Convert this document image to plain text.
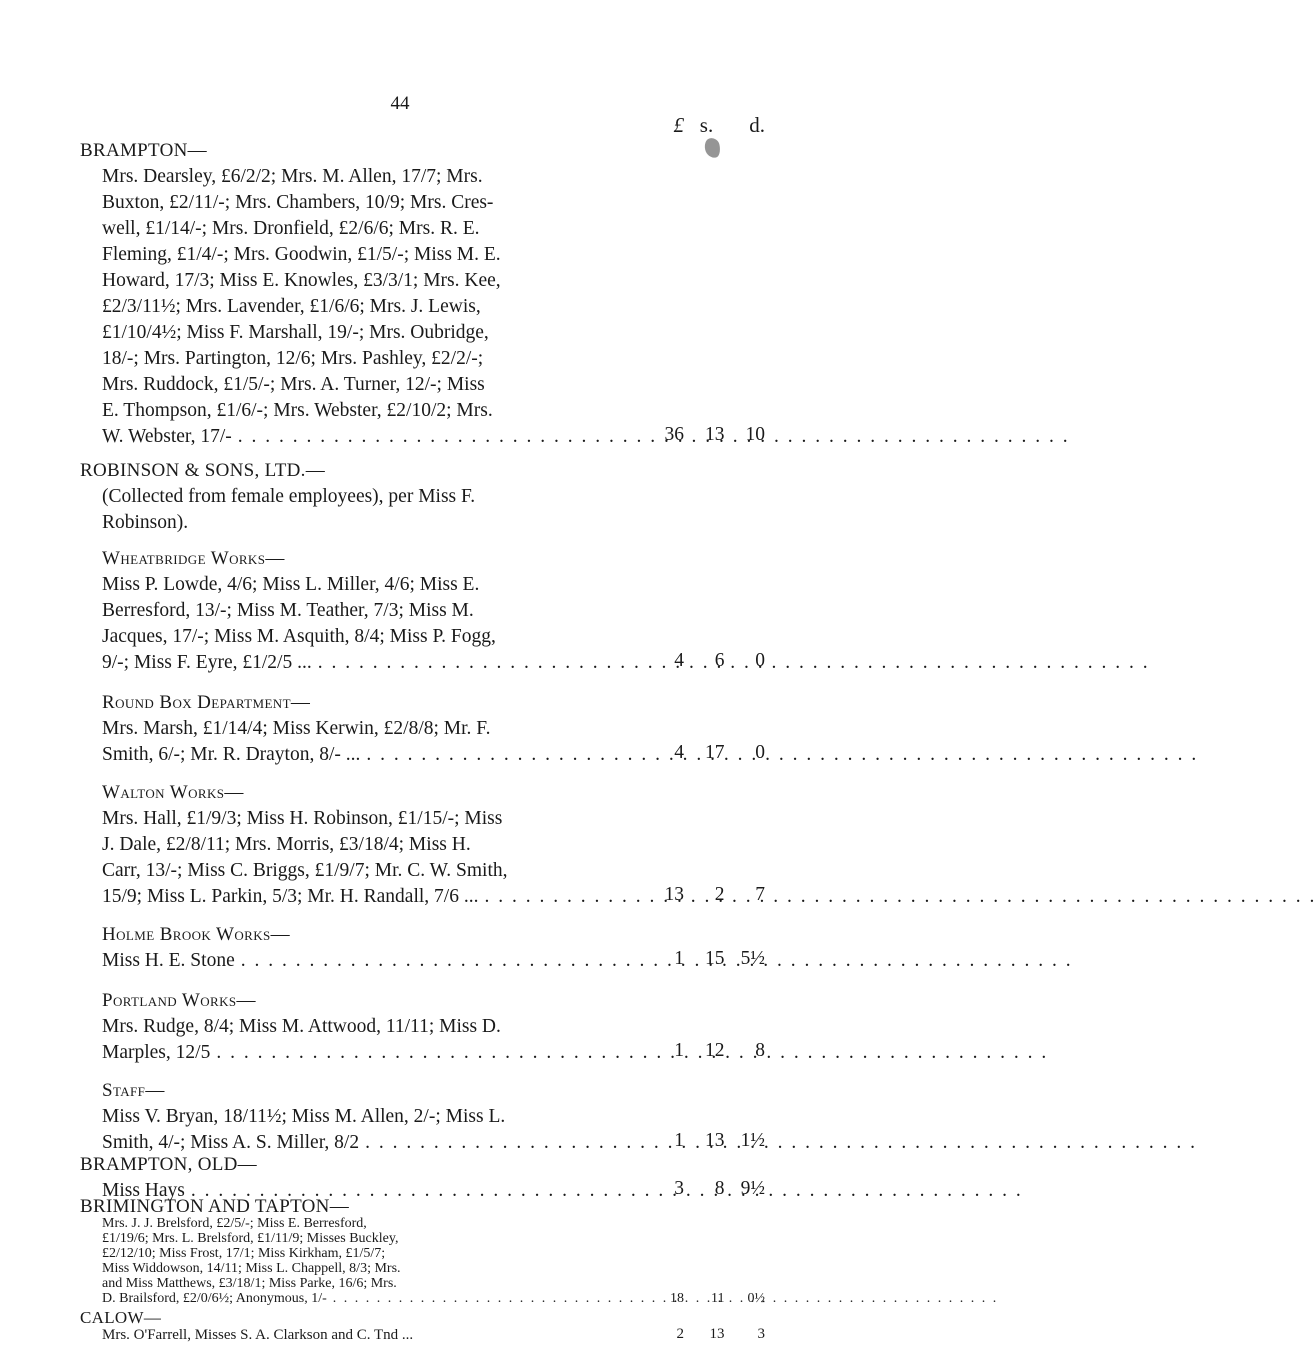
44
£ s.	d.
BRAMPTON—
Mrs. Dearsley, £6/2/2; Mrs. M. Allen, 17/7; Mrs.
Buxton, £2/11/-; Mrs. Chambers, 10/9; Mrs. Cres-
well, £1/14/-; Mrs. Dronfield, £2/6/6; Mrs. R. E.
Fleming, £1/4/-; Mrs. Goodwin, £1/5/-; Miss M. E.
Howard, 17/3; Miss E. Knowles, £3/3/1; Mrs. Kee,
£2/3/11½; Mrs. Lavender, £1/6/6; Mrs. J. Lewis,
£1/10/4½; Miss F. Marshall, 19/-; Mrs. Oubridge,
18/-; Mrs. Partington, 12/6; Mrs. Pashley, £2/2/-;
Mrs. Ruddock, £1/5/-; Mrs. A. Turner, 12/-; Miss
E. Thompson, £1/6/-; Mrs. Webster, £2/10/2; Mrs.
W. Webster, 17/- . . .	36	13	10
ROBINSON & SONS, LTD.—
(Collected from female employees), per Miss F.
Robinson).
Wheatbridge Works—
Miss P. Lowde, 4/6; Miss L. Miller, 4/6; Miss E.
Berresford, 13/-; Miss M. Teather, 7/3; Miss M.
Jacques, 17/-; Miss M. Asquith, 8/4; Miss P. Fogg,
9/-; Miss F. Eyre, £1/2/5 ... . . .	4	6	0
Round Box Department—
Mrs. Marsh, £1/14/4; Miss Kerwin, £2/8/8; Mr. F.
Smith, 6/-; Mr. R. Drayton, 8/- ... . . .	4	17	0
Walton Works—
Mrs. Hall, £1/9/3; Miss H. Robinson, £1/15/-; Miss
J. Dale, £2/8/11; Mrs. Morris, £3/18/4; Miss H.
Carr, 13/-; Miss C. Briggs, £1/9/7; Mr. C. W. Smith,
15/9; Miss L. Parkin, 5/3; Mr. H. Randall, 7/6 ... . . .	13	2	7
Holme Brook Works—
Miss H. E. Stone . . .	1	15 5½
Portland Works—
Mrs. Rudge, 8/4; Miss M. Attwood, 11/11; Miss D.
Marples, 12/5 . . .	1	12	8
Staff—
Miss V. Bryan, 18/11½; Miss M. Allen, 2/-; Miss L.
Smith, 4/-; Miss A. S. Miller, 8/2 . . .	1	13 1½
BRAMPTON, OLD—
Miss Hays . . .	3	8 9½
BRIMINGTON AND TAPTON—
Mrs. J. J. Brelsford, £2/5/-; Miss E. Berresford,
£1/19/6; Mrs. L. Brelsford, £1/11/9; Misses Buckley,
£2/12/10; Miss Frost, 17/1; Miss Kirkham, £1/5/7;
Miss Widdowson, 14/11; Miss L. Chappell, 8/3; Mrs.
and Miss Matthews, £3/18/1; Miss Parke, 16/6; Mrs.
D. Brailsford, £2/0/6½; Anonymous, 1/- . . .	18	11	0½
CALOW—
Mrs. O'Farrell, Misses S. A. Clarkson and C. Tnd ...	2	13	3
